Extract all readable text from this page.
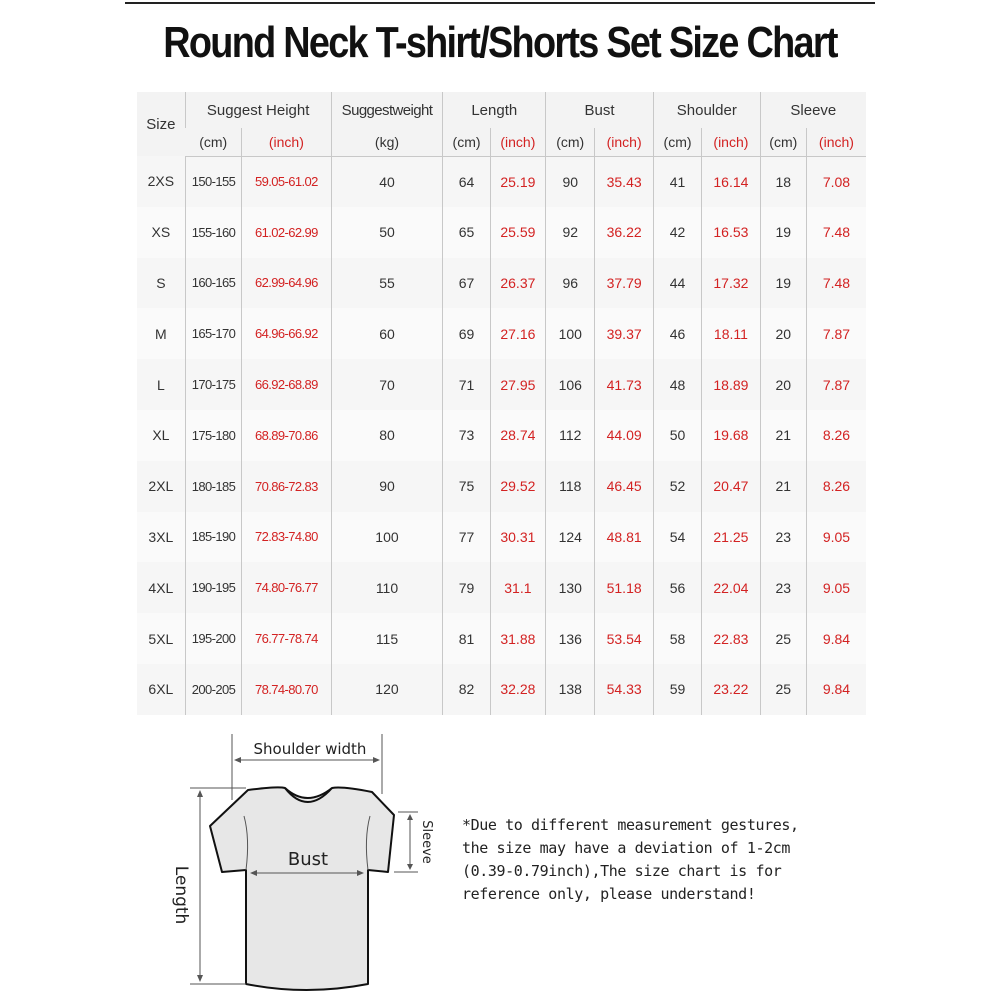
Round Neck T-shirt/Shorts Set Size Chart
Size	Suggest Height		Suggestweight	Length		Bust		Shoulder		Sleeve	
	(cm)	(inch)	(kg)	(cm)	(inch)	(cm)	(inch)	(cm)	(inch)	(cm)	(inch)
2XS	150-155	59.05-61.02	40	64	25.19	90	35.43	41	16.14	18	7.08
XS	155-160	61.02-62.99	50	65	25.59	92	36.22	42	16.53	19	7.48
S	160-165	62.99-64.96	55	67	26.37	96	37.79	44	17.32	19	7.48
M	165-170	64.96-66.92	60	69	27.16	100	39.37	46	18.11	20	7.87
L	170-175	66.92-68.89	70	71	27.95	106	41.73	48	18.89	20	7.87
XL	175-180	68.89-70.86	80	73	28.74	112	44.09	50	19.68	21	8.26
2XL	180-185	70.86-72.83	90	75	29.52	118	46.45	52	20.47	21	8.26
3XL	185-190	72.83-74.80	100	77	30.31	124	48.81	54	21.25	23	9.05
4XL	190-195	74.80-76.77	110	79	31.1	130	51.18	56	22.04	23	9.05
5XL	195-200	76.77-78.74	115	81	31.88	136	53.54	58	22.83	25	9.84
6XL	200-205	78.74-80.70	120	82	32.28	138	54.33	59	23.22	25	9.84
Shoulder width
Bust
Length
Sleeve *Due to different measurement gestures,

the size may have a deviation of 1-2cm

(0.39-0.79inch),The size chart is for

reference only, please understand!
